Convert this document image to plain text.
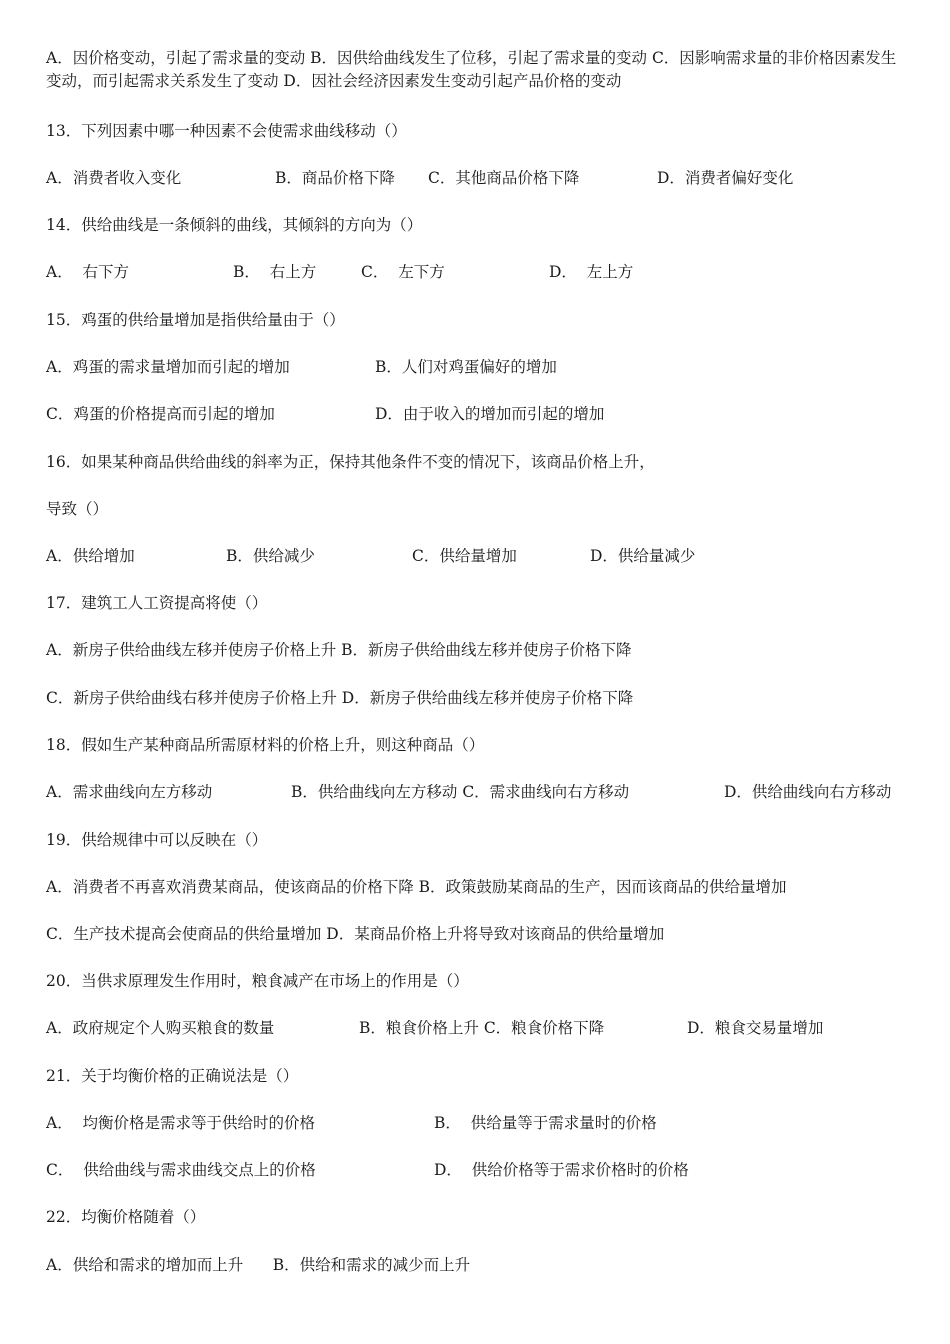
A．因价格变动，引起了需求量的变动 B．因供给曲线发生了位移，引起了需求量的变动 C．因影响需求量的非价格因素发生变动，而引起需求关系发生了变动 D．因社会经济因素发生变动引起产品价格的变动
13．下列因素中哪一种因素不会使需求曲线移动（）
A．消费者收入变化	B．商品价格下降 C．其他商品价格下降	D．消费者偏好变化
14．供给曲线是一条倾斜的曲线，其倾斜的方向为（）
A．  右下方	B．  右上方	C．  左下方	D．  左上方
15．鸡蛋的供给量增加是指供给量由于（）
A．鸡蛋的需求量增加而引起的增加	B．人们对鸡蛋偏好的增加
C．鸡蛋的价格提高而引起的增加	D．由于收入的增加而引起的增加
16．如果某种商品供给曲线的斜率为正，保持其他条件不变的情况下，该商品价格上升，
导致（）
A．供给增加	B．供给减少	C．供给量增加	D．供给量减少
17．建筑工人工资提高将使（）
A．新房子供给曲线左移并使房子价格上升 B．新房子供给曲线左移并使房子价格下降
C．新房子供给曲线右移并使房子价格上升 D．新房子供给曲线左移并使房子价格下降
18．假如生产某种商品所需原材料的价格上升，则这种商品（）
A．需求曲线向左方移动	B．供给曲线向左方移动 C．需求曲线向右方移动	D．供给曲线向右方移动
19．供给规律中可以反映在（）
A．消费者不再喜欢消费某商品，使该商品的价格下降 B．政策鼓励某商品的生产，因而该商品的供给量增加
C．生产技术提高会使商品的供给量增加 D．某商品价格上升将导致对该商品的供给量增加
20．当供求原理发生作用时，粮食减产在市场上的作用是（）
A．政府规定个人购买粮食的数量	B．粮食价格上升 C．粮食价格下降	D．粮食交易量增加
21．关于均衡价格的正确说法是（）
A．  均衡价格是需求等于供给时的价格	B．  供给量等于需求量时的价格
C．  供给曲线与需求曲线交点上的价格	D．  供给价格等于需求价格时的价格
22．均衡价格随着（）
A．供给和需求的增加而上升      B．供给和需求的减少而上升
